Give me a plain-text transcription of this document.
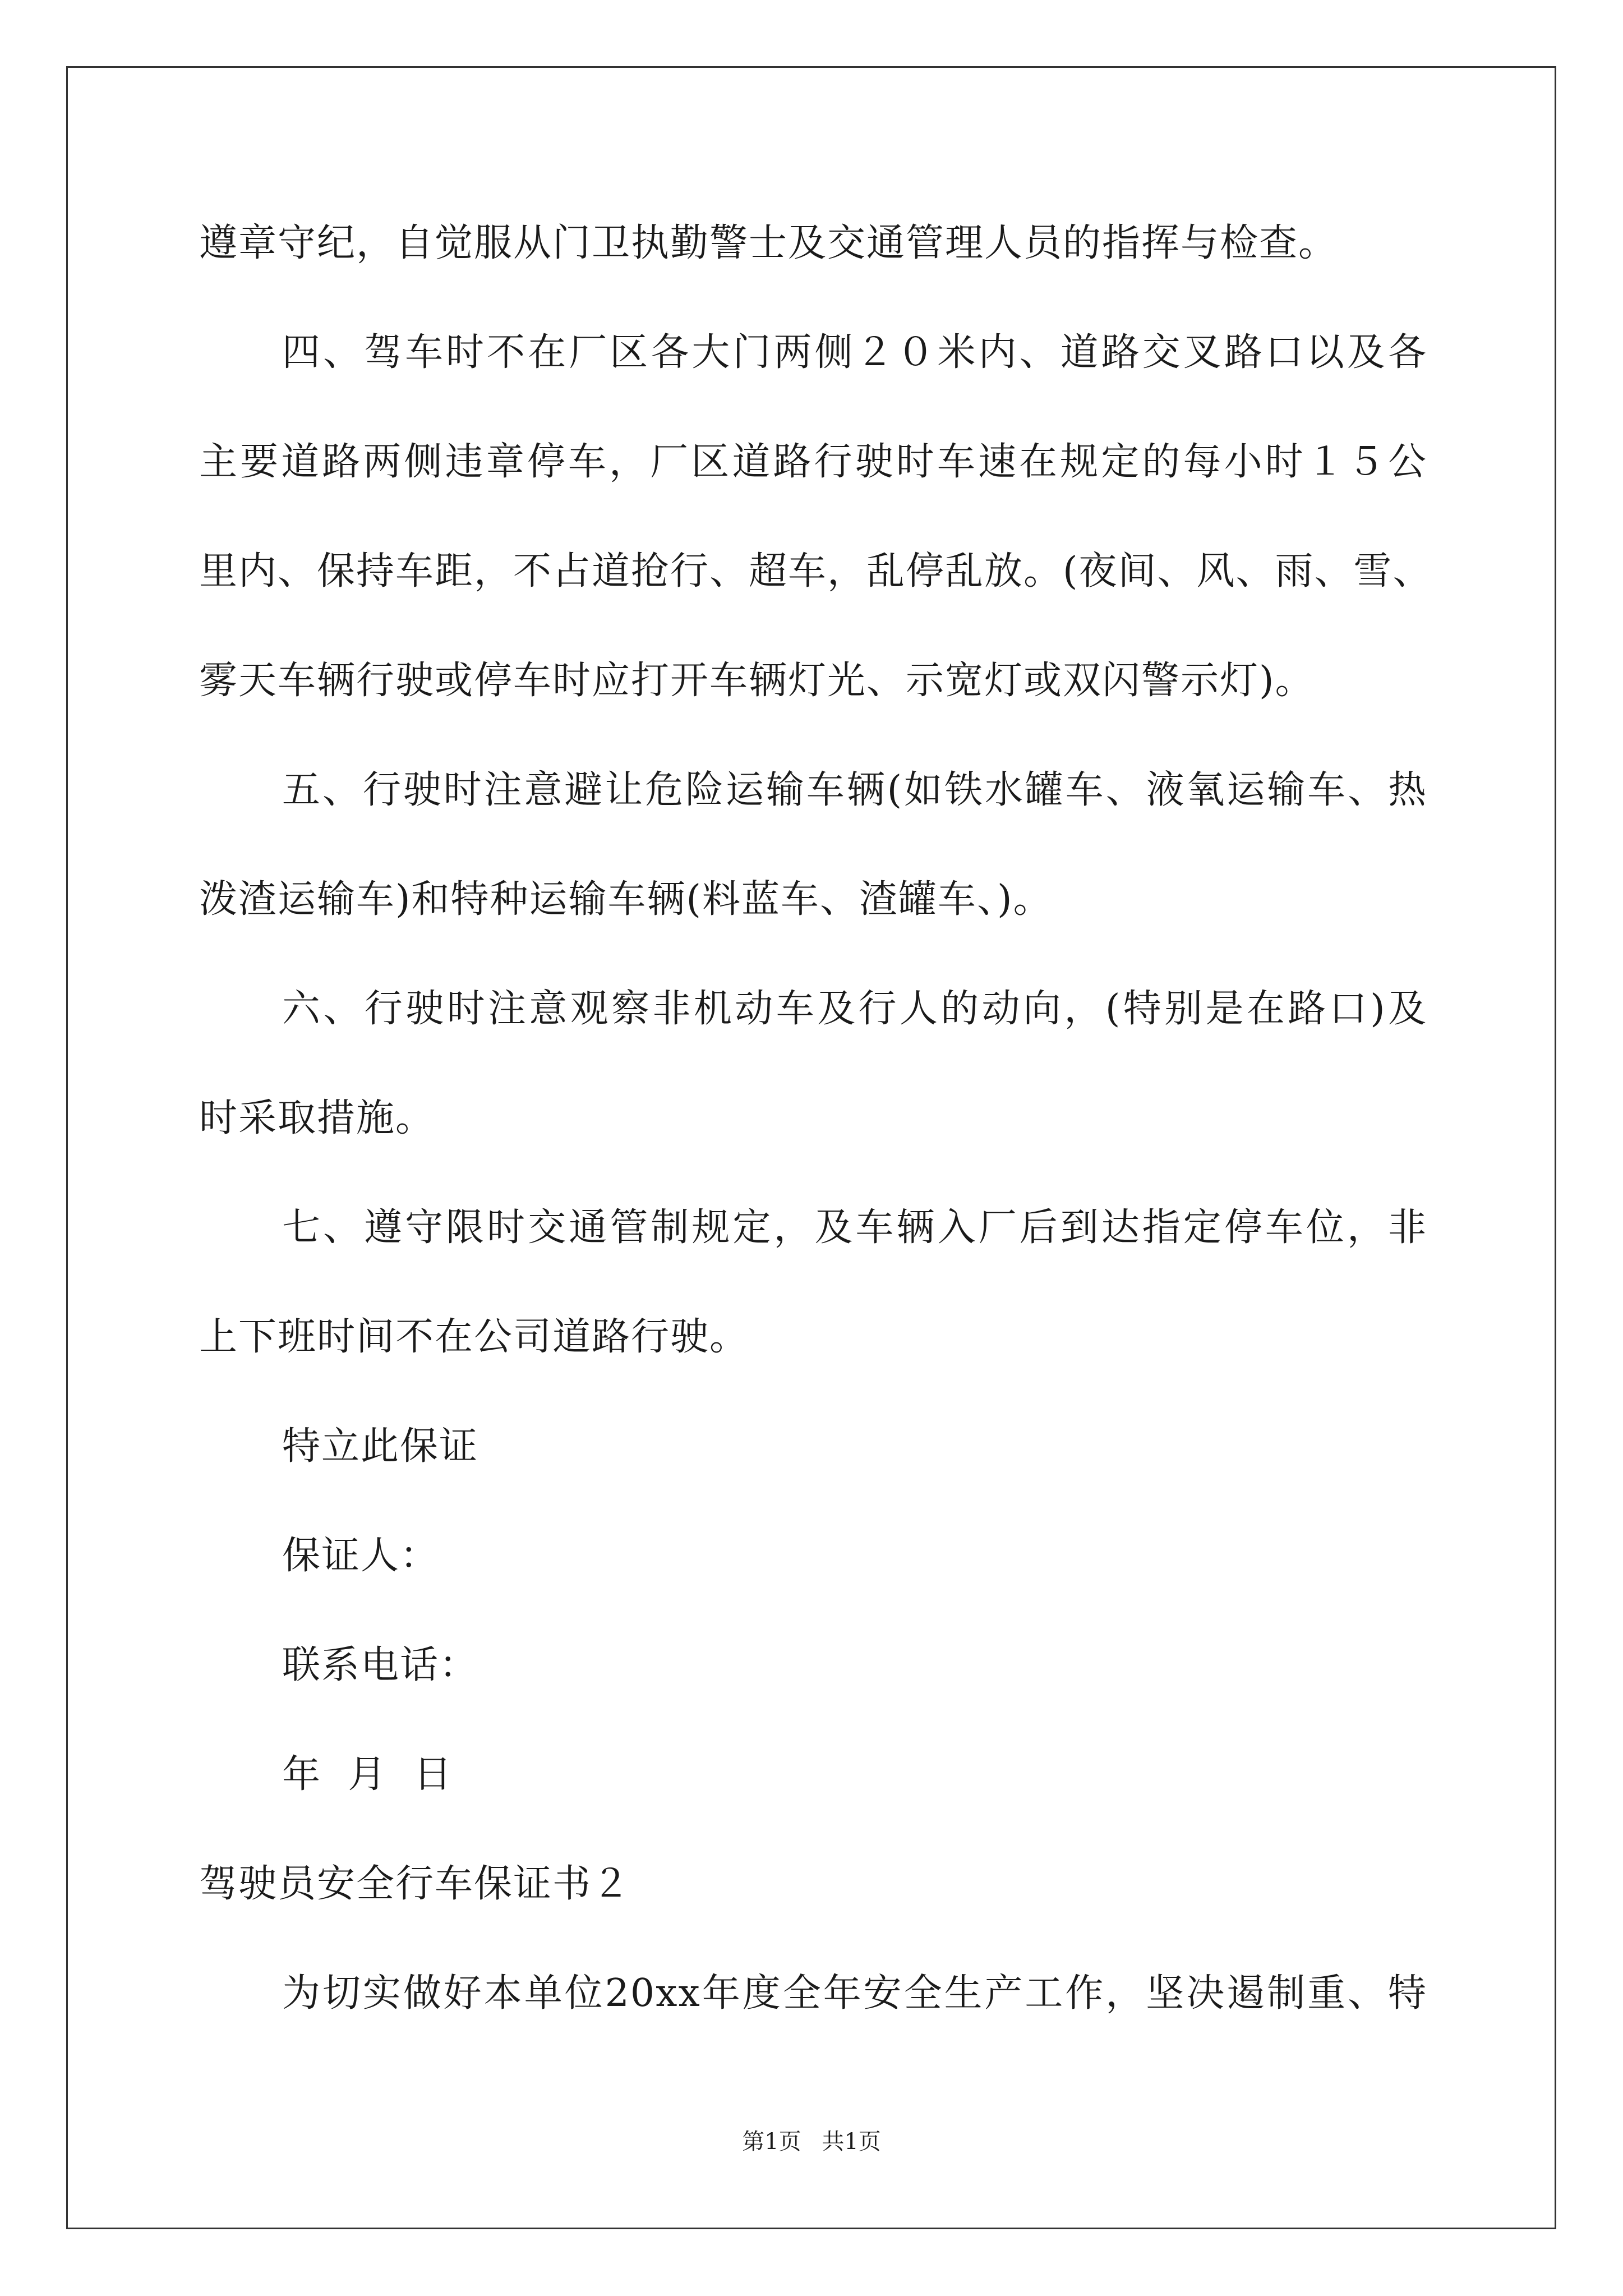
遵章守纪，自觉服从门卫执勤警士及交通管理人员的指挥与检查。
四、驾车时不在厂区各大门两侧２０米内、道路交叉路口以及各
主要道路两侧违章停车，厂区道路行驶时车速在规定的每小时１５公
里内、保持车距，不占道抢行、超车，乱停乱放。(夜间、风、雨、雪、
雾天车辆行驶或停车时应打开车辆灯光、示宽灯或双闪警示灯)。
五、行驶时注意避让危险运输车辆(如铁水罐车、液氧运输车、热
泼渣运输车)和特种运输车辆(料蓝车、渣罐车、)。
六、行驶时注意观察非机动车及行人的动向，(特别是在路口)及
时采取措施。
七、遵守限时交通管制规定，及车辆入厂后到达指定停车位，非
上下班时间不在公司道路行驶。
特立此保证
保证人：
联系电话：
年  月  日
驾驶员安全行车保证书２
为切实做好本单位20xx年度全年安全生产工作，坚决遏制重、特
第1页 共1页
